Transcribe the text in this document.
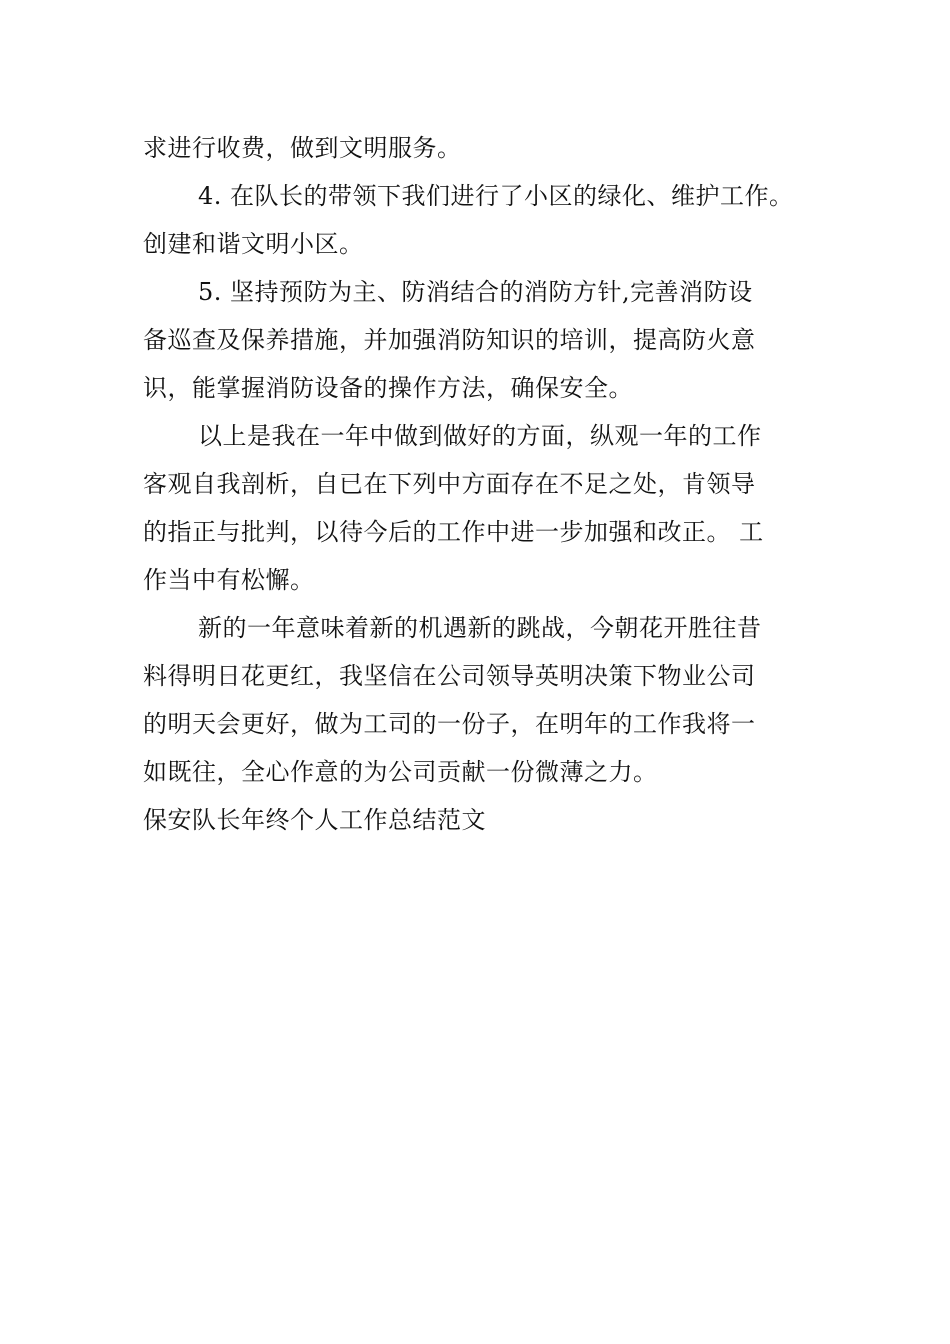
求进行收费，做到文明服务。
4. 在队长的带领下我们进行了小区的绿化、维护工作。
创建和谐文明小区。
5. 坚持预防为主、防消结合的消防方针,完善消防设
备巡查及保养措施，并加强消防知识的培训，提高防火意
识，能掌握消防设备的操作方法，确保安全。
以上是我在一年中做到做好的方面，纵观一年的工作
客观自我剖析，自已在下列中方面存在不足之处，肯领导
的指正与批判，以待今后的工作中进一步加强和改正。 工
作当中有松懈。
新的一年意味着新的机遇新的跳战，今朝花开胜往昔
料得明日花更红，我坚信在公司领导英明决策下物业公司
的明天会更好，做为工司的一份子，在明年的工作我将一
如既往，全心作意的为公司贡献一份微薄之力。
保安队长年终个人工作总结范文
